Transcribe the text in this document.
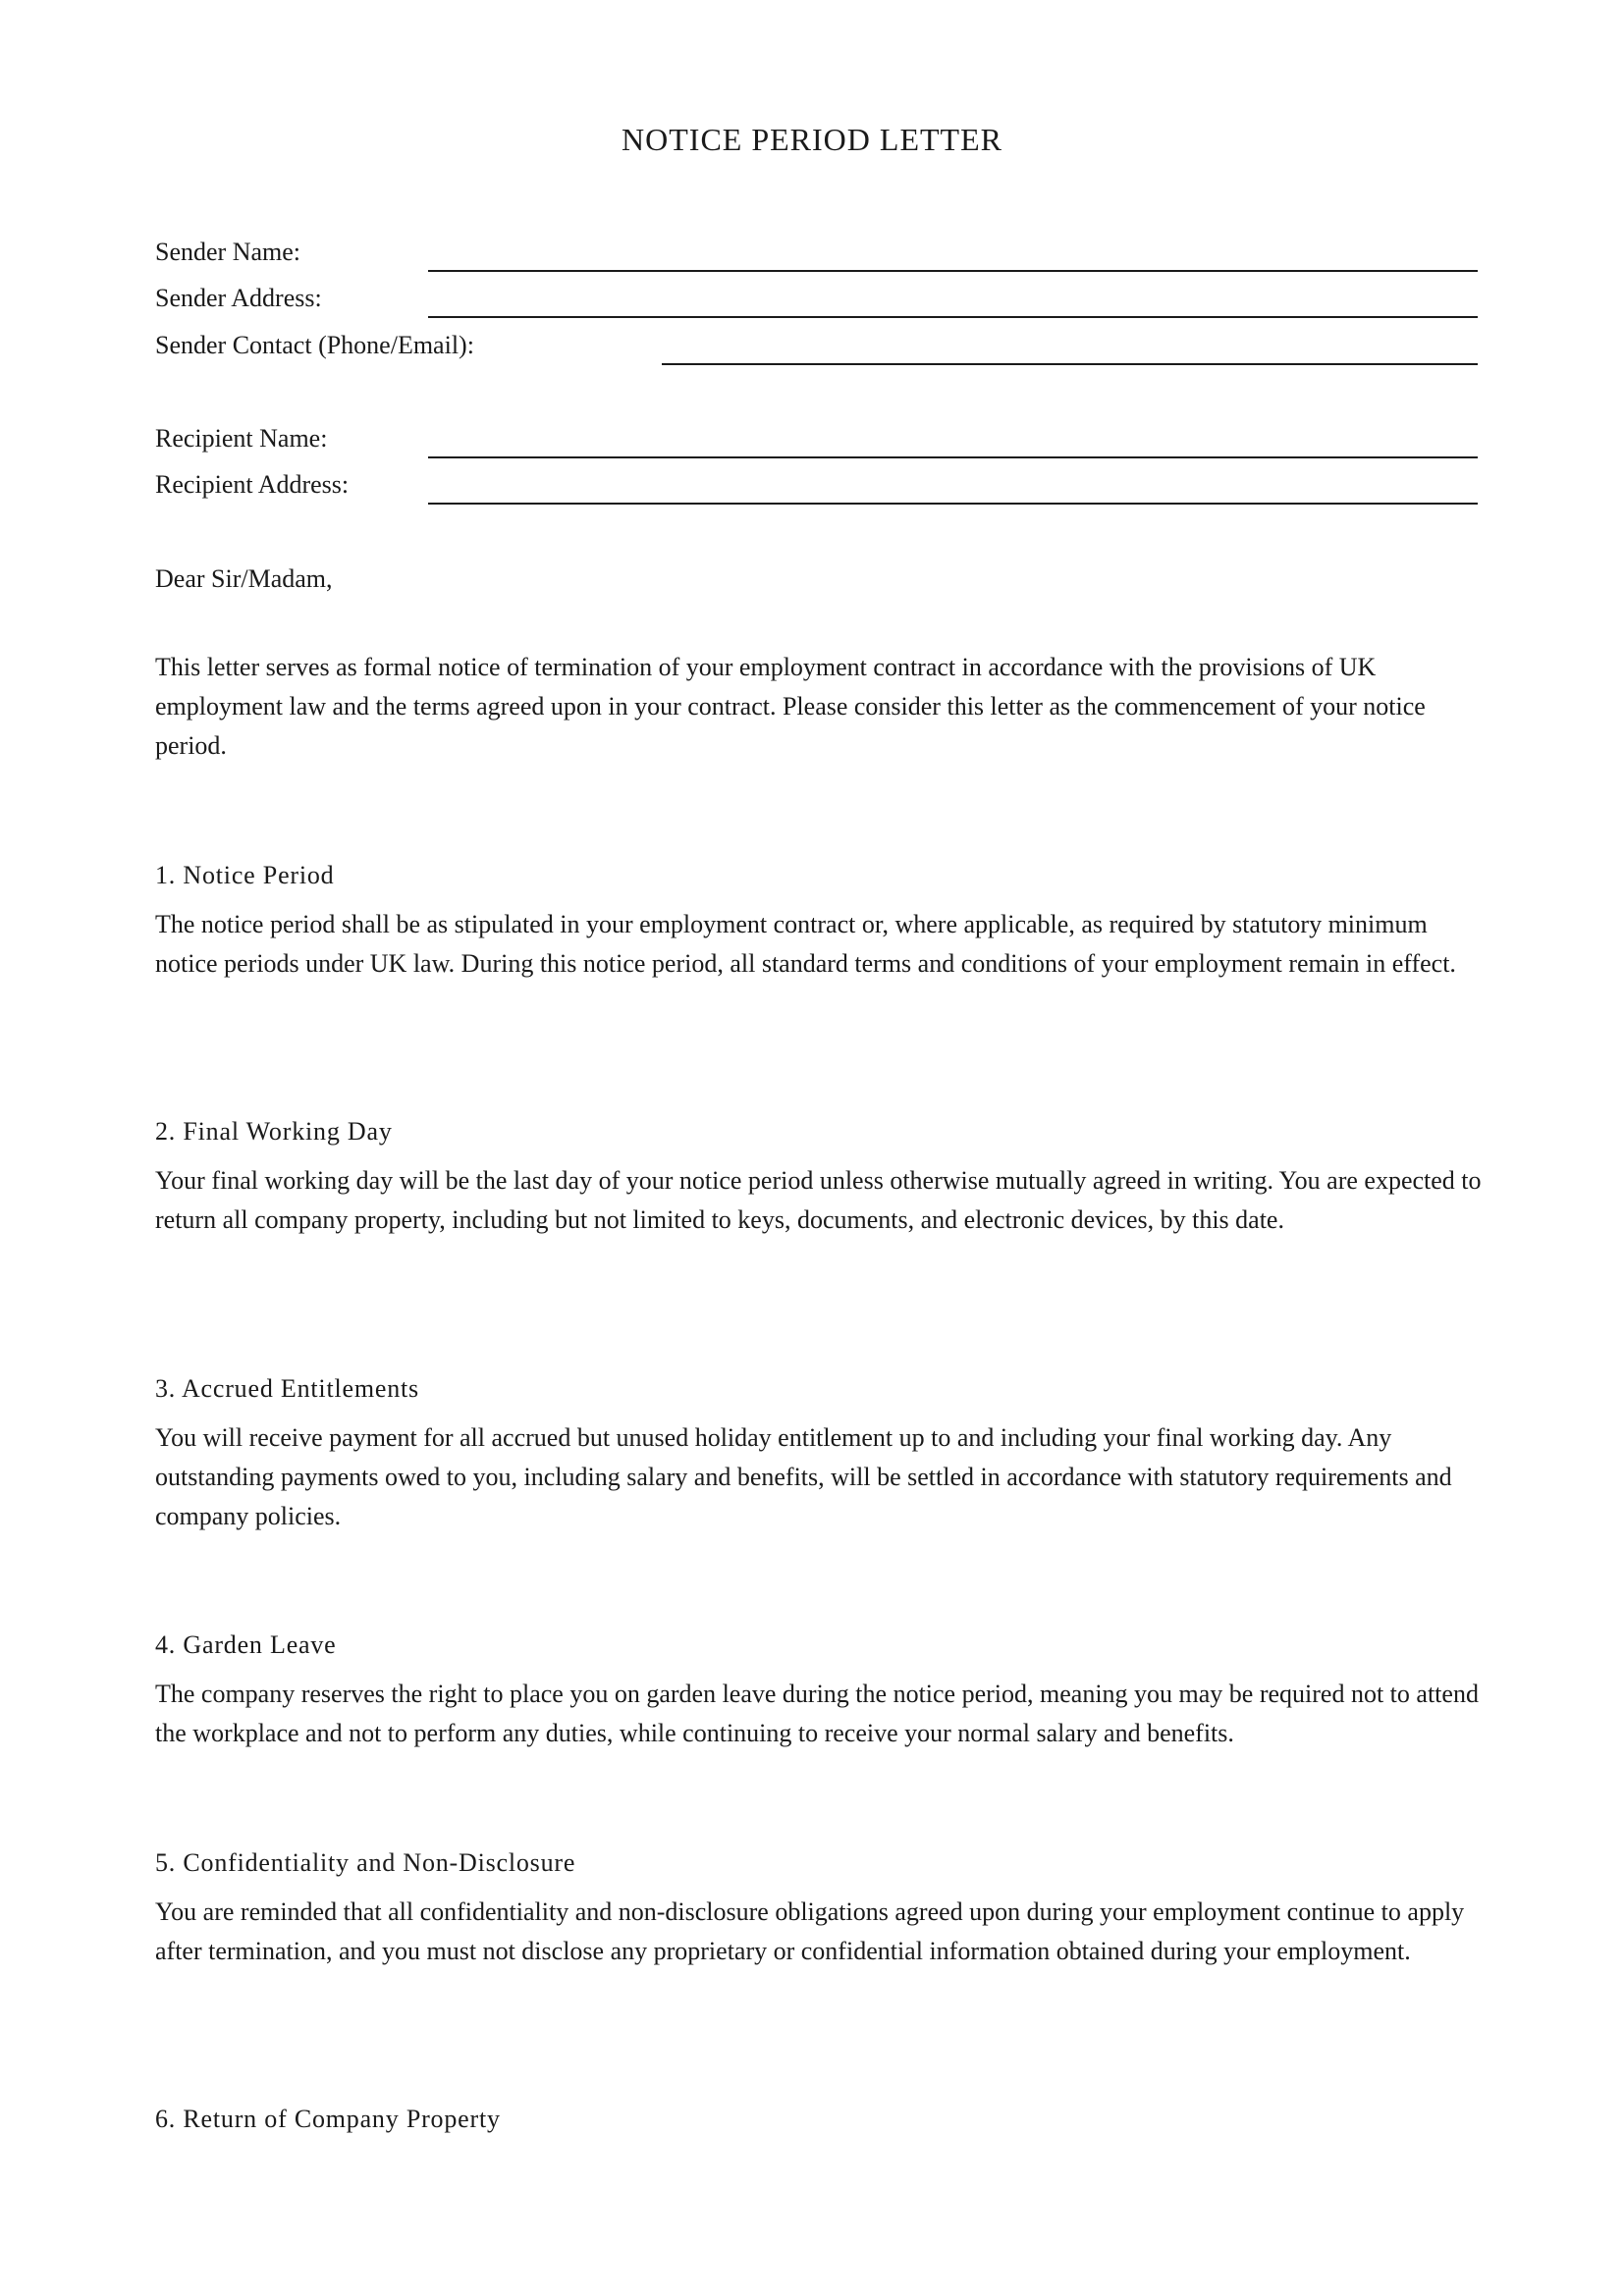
NOTICE PERIOD LETTER
Sender Name:
Sender Address:
Sender Contact (Phone/Email):
Recipient Name:
Recipient Address:
Dear Sir/Madam,
This letter serves as formal notice of termination of your employment contract in accordance with the provisions of UK employment law and the terms agreed upon in your contract. Please consider this letter as the commencement of your notice period.
1. Notice Period
The notice period shall be as stipulated in your employment contract or, where applicable, as required by statutory minimum notice periods under UK law. During this notice period, all standard terms and conditions of your employment remain in effect.
2. Final Working Day
Your final working day will be the last day of your notice period unless otherwise mutually agreed in writing. You are expected to return all company property, including but not limited to keys, documents, and electronic devices, by this date.
3. Accrued Entitlements
You will receive payment for all accrued but unused holiday entitlement up to and including your final working day. Any outstanding payments owed to you, including salary and benefits, will be settled in accordance with statutory requirements and company policies.
4. Garden Leave
The company reserves the right to place you on garden leave during the notice period, meaning you may be required not to attend the workplace and not to perform any duties, while continuing to receive your normal salary and benefits.
5. Confidentiality and Non-Disclosure
You are reminded that all confidentiality and non-disclosure obligations agreed upon during your employment continue to apply after termination, and you must not disclose any proprietary or confidential information obtained during your employment.
6. Return of Company Property
